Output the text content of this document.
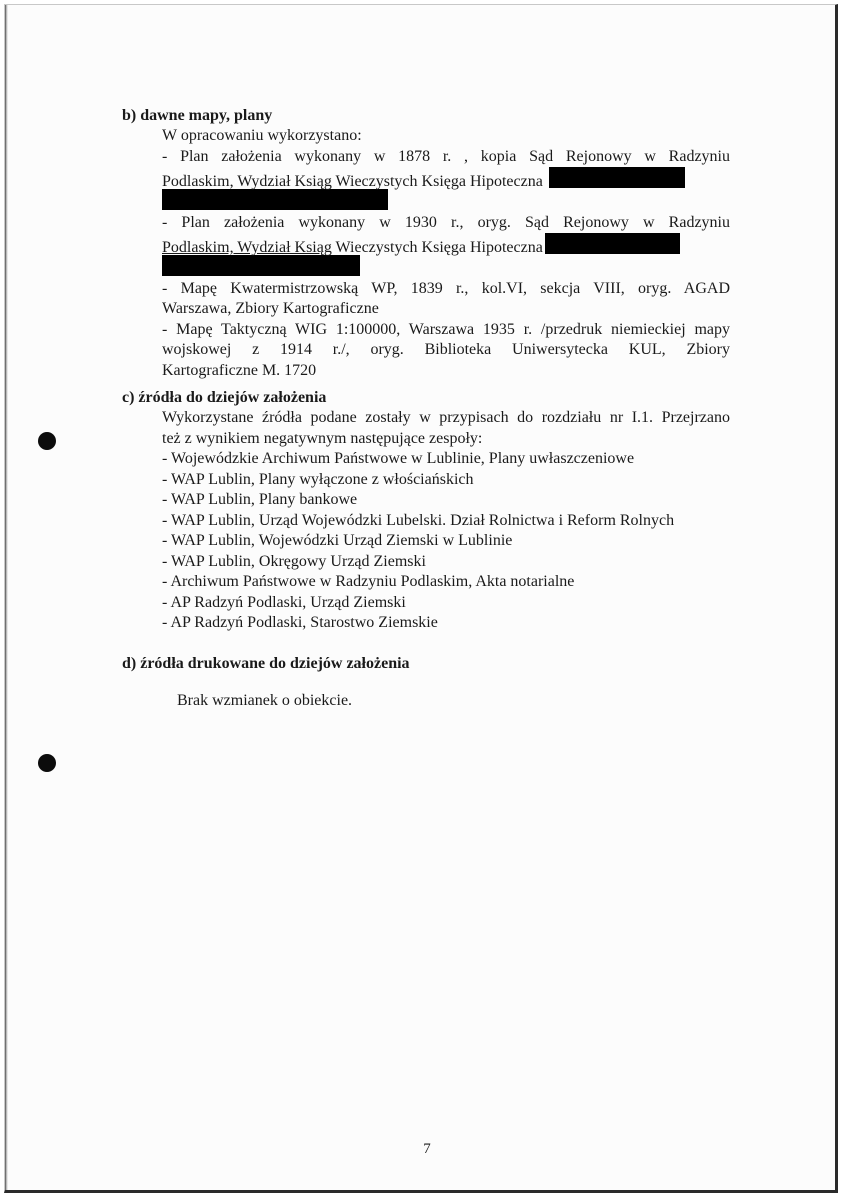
b) dawne mapy, plany
W opracowaniu wykorzystano:
- Plan założenia wykonany w 1878 r. , kopia Sąd Rejonowy w Radzyniu
Podlaskim, Wydział Ksiąg Wieczystych Księga Hipoteczna
- Plan założenia wykonany w 1930 r., oryg. Sąd Rejonowy w Radzyniu
Podlaskim, Wydział Ksiąg Wieczystych Księga Hipoteczna
- Mapę Kwatermistrzowską WP, 1839 r., kol.VI, sekcja VIII, oryg. AGAD
Warszawa, Zbiory Kartograficzne
- Mapę Taktyczną WIG 1:100000, Warszawa 1935 r. /przedruk niemieckiej mapy
wojskowej z 1914 r./, oryg. Biblioteka Uniwersytecka KUL, Zbiory
Kartograficzne M. 1720
c) źródła do dziejów założenia
Wykorzystane źródła podane zostały w przypisach do rozdziału nr I.1. Przejrzano
też z wynikiem negatywnym następujące zespoły:
- Wojewódzkie Archiwum Państwowe w Lublinie, Plany uwłaszczeniowe
- WAP Lublin, Plany wyłączone z włościańskich
- WAP Lublin, Plany bankowe
- WAP Lublin, Urząd Wojewódzki Lubelski. Dział Rolnictwa i Reform Rolnych
- WAP Lublin, Wojewódzki Urząd Ziemski w Lublinie
- WAP Lublin, Okręgowy Urząd Ziemski
- Archiwum Państwowe w Radzyniu Podlaskim, Akta notarialne
- AP Radzyń Podlaski, Urząd Ziemski
- AP Radzyń Podlaski, Starostwo Ziemskie
d) źródła drukowane do dziejów założenia
Brak wzmianek o obiekcie.
7
